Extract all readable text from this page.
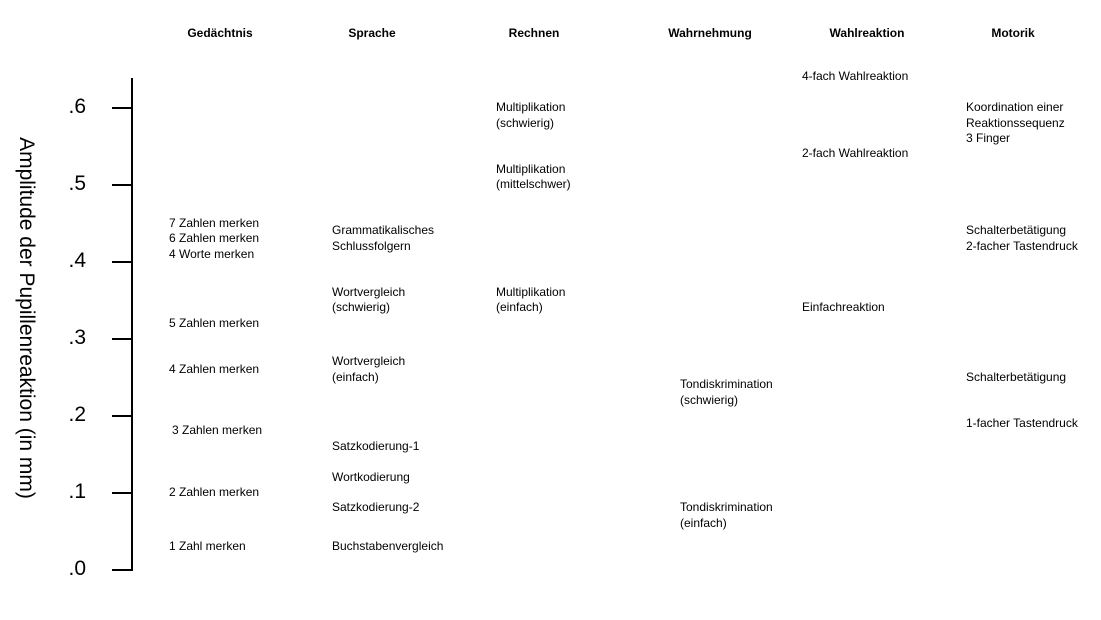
Amplitude der Pupillenreaktion (in mm)
.0
.1
.2
.3
.4
.5
.6
Gedächtnis	Sprache	Rechnen	Wahrnehmung	Wahlreaktion	Motorik
7 Zahlen merken
6 Zahlen merken
4 Worte merken
5 Zahlen merken
4 Zahlen merken
3 Zahlen merken
2 Zahlen merken
1 Zahl merken
Grammatikalisches
Schlussfolgern
Wortvergleich
(schwierig)
Wortvergleich
(einfach)
Satzkodierung-1
Wortkodierung
Satzkodierung-2
Buchstabenvergleich
Multiplikation
(schwierig)
Multiplikation
(mittelschwer)
Multiplikation
(einfach)
Tondiskrimination
(schwierig)
Tondiskrimination
(einfach)
4-fach Wahlreaktion
2-fach Wahlreaktion
Einfachreaktion
Koordination einer
Reaktionssequenz
3 Finger
Schalterbetätigung
2-facher Tastendruck
Schalterbetätigung
1-facher Tastendruck
